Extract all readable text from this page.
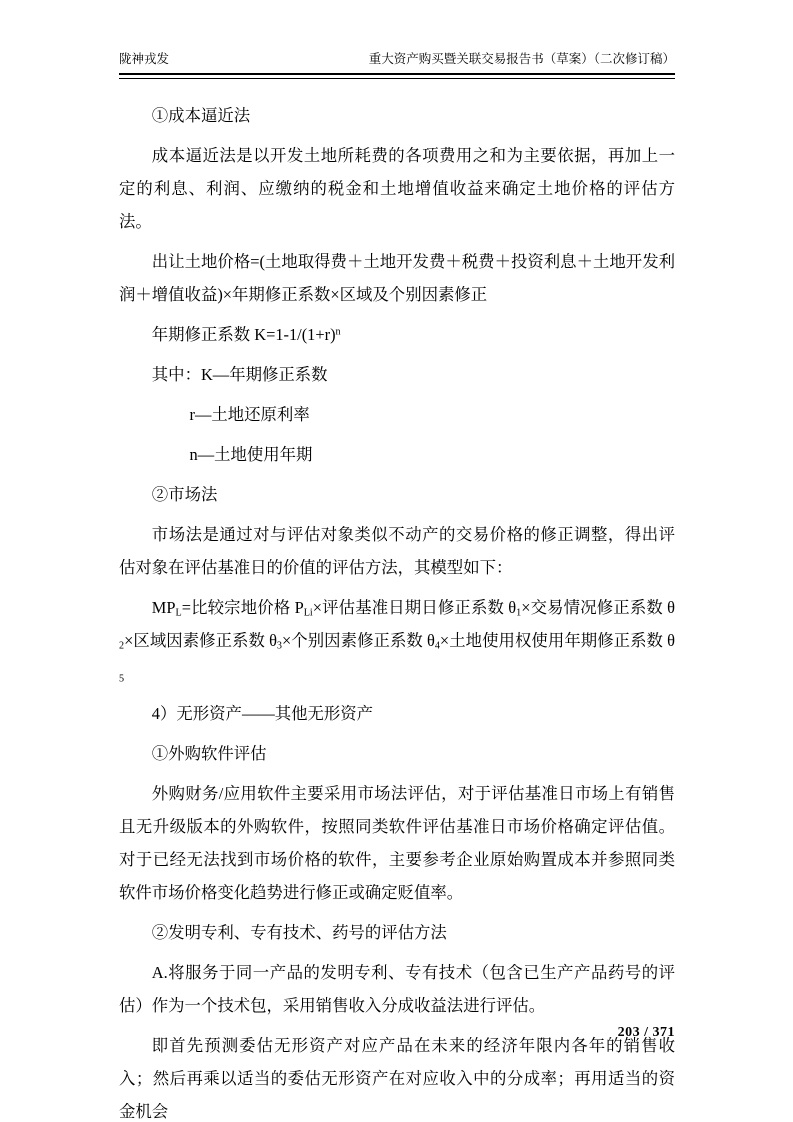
陇神戎发	重大资产购买暨关联交易报告书（草案）（二次修订稿）

①成本逼近法

成本逼近法是以开发土地所耗费的各项费用之和为主要依据，再加上一定的利息、利润、应缴纳的税金和土地增值收益来确定土地价格的评估方法。

出让土地价格=(土地取得费＋土地开发费＋税费＋投资利息＋土地开发利润＋增值收益)×年期修正系数×区域及个别因素修正

年期修正系数 $K=1-1/(1+r)^n$

其中：K—年期修正系数

r—土地还原利率

n—土地使用年期

②市场法

市场法是通过对与评估对象类似不动产的交易价格的修正调整，得出评估对象在评估基准日的价值的评估方法，其模型如下：

$MP_L=$比较宗地价格 $P_{Li}\times$评估基准日期日修正系数 $\theta_1\times$交易情况修正系数 $\theta_2\times$区域因素修正系数 $\theta_3\times$个别因素修正系数 $\theta_4\times$土地使用权使用年期修正系数 $\theta_5$

4）无形资产——其他无形资产

①外购软件评估

外购财务/应用软件主要采用市场法评估，对于评估基准日市场上有销售且无升级版本的外购软件，按照同类软件评估基准日市场价格确定评估值。对于已经无法找到市场价格的软件，主要参考企业原始购置成本并参照同类软件市场价格变化趋势进行修正或确定贬值率。

②发明专利、专有技术、药号的评估方法

A.将服务于同一产品的发明专利、专有技术（包含已生产产品药号的评估）作为一个技术包，采用销售收入分成收益法进行评估。

即首先预测委估无形资产对应产品在未来的经济年限内各年的销售收入；然后再乘以适当的委估无形资产在对应收入中的分成率；再用适当的资金机会

203 / 371
